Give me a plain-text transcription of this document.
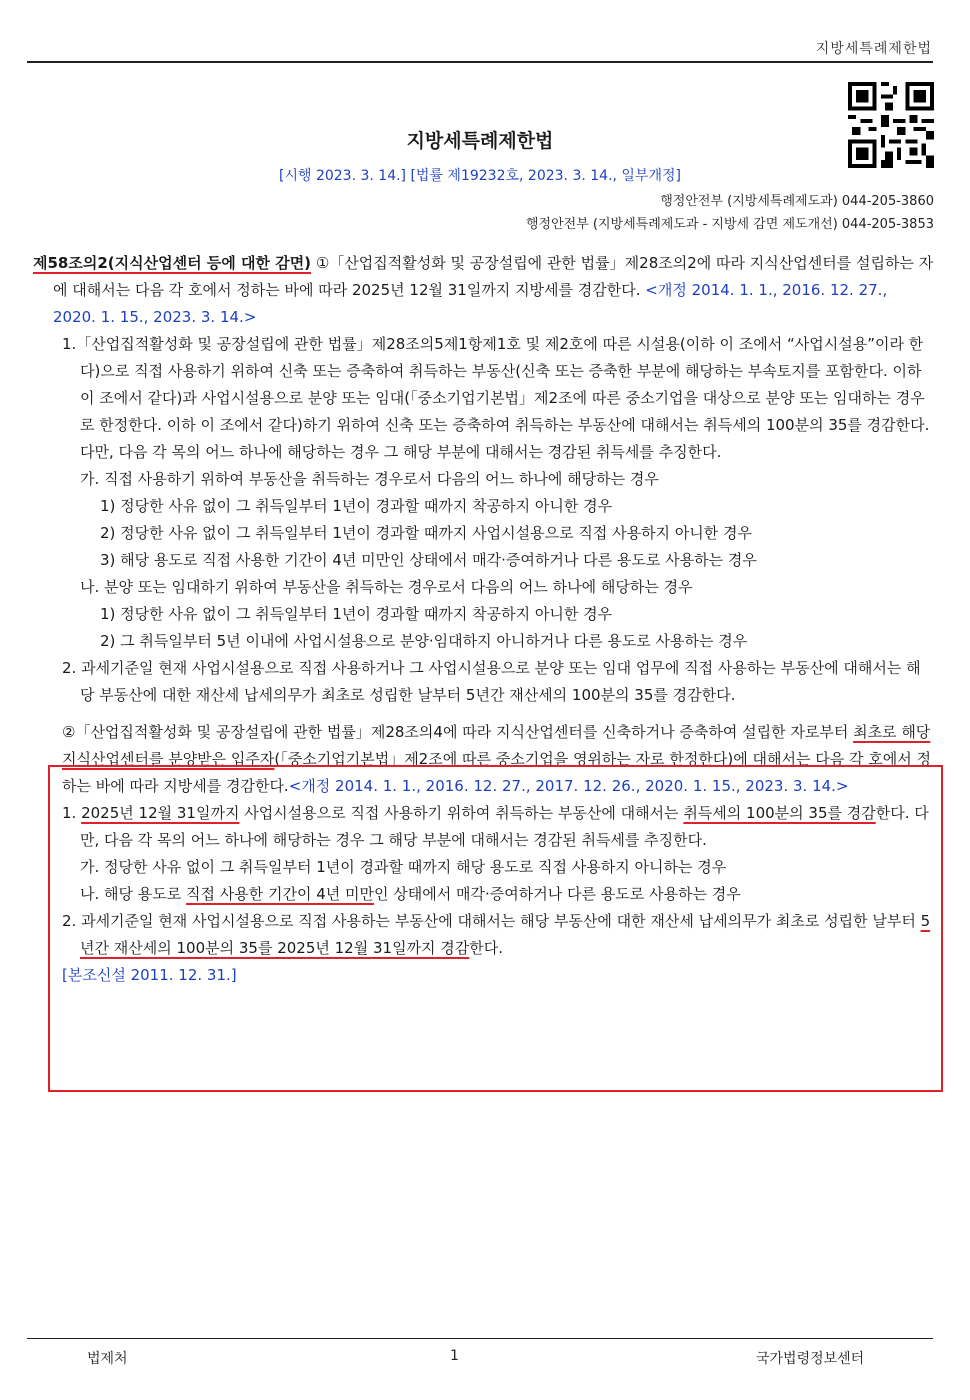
지방세특례제한법
지방세특례제한법
[시행 2023. 3. 14.] [법률 제19232호, 2023. 3. 14., 일부개정]
행정안전부 (지방세특례제도과) 044-205-3860
행정안전부 (지방세특례제도과 - 지방세 감면 제도개선) 044-205-3853

제58조의2(지식산업센터 등에 대한 감면) ①「산업집적활성화 및 공장설립에 관한 법률」제28조의2에 따라 지식산업센터를 설립하는 자에 대해서는 다음 각 호에서 정하는 바에 따라 2025년 12월 31일까지 지방세를 경감한다. <개정 2014. 1. 1., 2016. 12. 27., 2020. 1. 15., 2023. 3. 14.>

1.「산업집적활성화 및 공장설립에 관한 법률」제28조의5제1항제1호 및 제2호에 따른 시설용(이하 이 조에서 “사업시설용”이라 한다)으로 직접 사용하기 위하여 신축 또는 증축하여 취득하는 부동산(신축 또는 증축한 부분에 해당하는 부속토지를 포함한다. 이하 이 조에서 같다)과 사업시설용으로 분양 또는 임대(「중소기업기본법」제2조에 따른 중소기업을 대상으로 분양 또는 임대하는 경우로 한정한다. 이하 이 조에서 같다)하기 위하여 신축 또는 증축하여 취득하는 부동산에 대해서는 취득세의 100분의 35를 경감한다. 다만, 다음 각 목의 어느 하나에 해당하는 경우 그 해당 부분에 대해서는 경감된 취득세를 추징한다.

가. 직접 사용하기 위하여 부동산을 취득하는 경우로서 다음의 어느 하나에 해당하는 경우

1) 정당한 사유 없이 그 취득일부터 1년이 경과할 때까지 착공하지 아니한 경우

2) 정당한 사유 없이 그 취득일부터 1년이 경과할 때까지 사업시설용으로 직접 사용하지 아니한 경우

3) 해당 용도로 직접 사용한 기간이 4년 미만인 상태에서 매각·증여하거나 다른 용도로 사용하는 경우

나. 분양 또는 임대하기 위하여 부동산을 취득하는 경우로서 다음의 어느 하나에 해당하는 경우

1) 정당한 사유 없이 그 취득일부터 1년이 경과할 때까지 착공하지 아니한 경우

2) 그 취득일부터 5년 이내에 사업시설용으로 분양·임대하지 아니하거나 다른 용도로 사용하는 경우

2. 과세기준일 현재 사업시설용으로 직접 사용하거나 그 사업시설용으로 분양 또는 임대 업무에 직접 사용하는 부동산에 대해서는 해당 부동산에 대한 재산세 납세의무가 최초로 성립한 날부터 5년간 재산세의 100분의 35를 경감한다.

②「산업집적활성화 및 공장설립에 관한 법률」제28조의4에 따라 지식산업센터를 신축하거나 증축하여 설립한 자로부터 최초로 해당 지식산업센터를 분양받은 입주자(「중소기업기본법」제2조에 따른 중소기업을 영위하는 자로 한정한다)에 대해서는 다음 각 호에서 정하는 바에 따라 지방세를 경감한다.<개정 2014. 1. 1., 2016. 12. 27., 2017. 12. 26., 2020. 1. 15., 2023. 3. 14.>

1. 2025년 12월 31일까지 사업시설용으로 직접 사용하기 위하여 취득하는 부동산에 대해서는 취득세의 100분의 35를 경감한다. 다만, 다음 각 목의 어느 하나에 해당하는 경우 그 해당 부분에 대해서는 경감된 취득세를 추징한다.

가. 정당한 사유 없이 그 취득일부터 1년이 경과할 때까지 해당 용도로 직접 사용하지 아니하는 경우

나. 해당 용도로 직접 사용한 기간이 4년 미만인 상태에서 매각·증여하거나 다른 용도로 사용하는 경우

2. 과세기준일 현재 사업시설용으로 직접 사용하는 부동산에 대해서는 해당 부동산에 대한 재산세 납세의무가 최초로 성립한 날부터 5년간 재산세의 100분의 35를 2025년 12월 31일까지 경감한다.

[본조신설 2011. 12. 31.]

법제처	1	국가법령정보센터
